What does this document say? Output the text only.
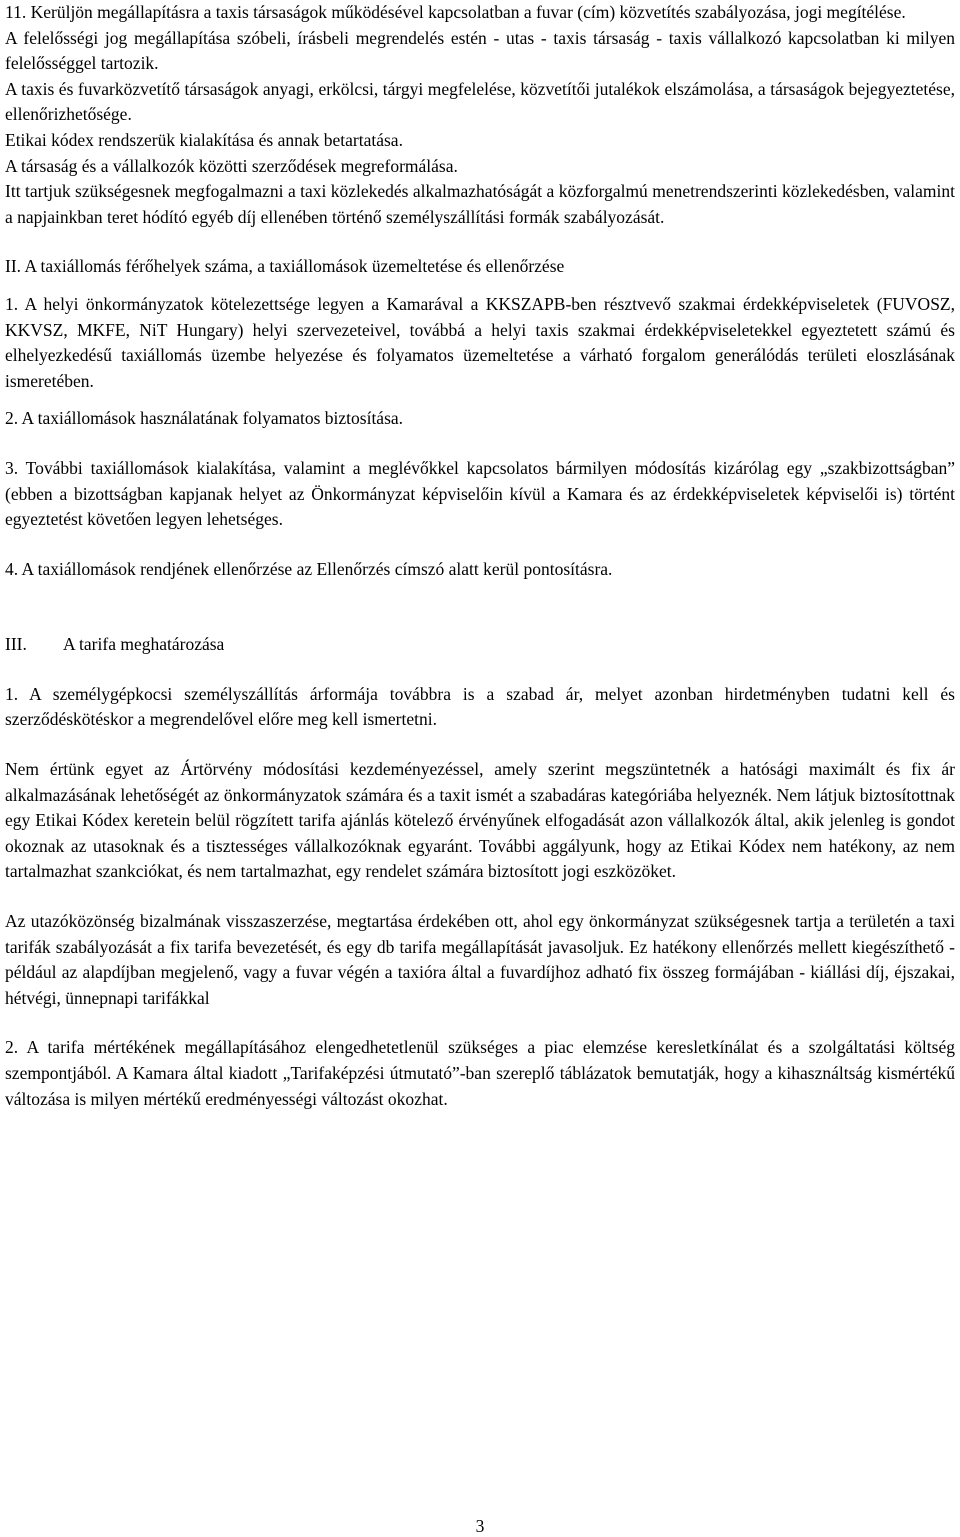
11. Kerüljön megállapításra a taxis társaságok működésével kapcsolatban a fuvar (cím) közvetítés szabályozása, jogi megítélése.

A felelősségi jog megállapítása szóbeli, írásbeli megrendelés estén - utas - taxis társaság - taxis vállalkozó kapcsolatban ki milyen felelősséggel tartozik.

A taxis és fuvarközvetítő társaságok anyagi, erkölcsi, tárgyi megfelelése, közvetítői jutalékok elszámolása, a társaságok bejegyeztetése, ellenőrizhetősége.

Etikai kódex rendszerük kialakítása és annak betartatása.

A társaság és a vállalkozók közötti szerződések megreformálása.

Itt tartjuk szükségesnek megfogalmazni a taxi közlekedés alkalmazhatóságát a közforgalmú menetrendszerinti közlekedésben, valamint a napjainkban teret hódító egyéb díj ellenében történő személyszállítási formák szabályozását.

II. A taxiállomás férőhelyek száma, a taxiállomások üzemeltetése és ellenőrzése

1. A helyi önkormányzatok kötelezettsége legyen a Kamarával a KKSZAPB-ben résztvevő szakmai érdekképviseletek (FUVOSZ, KKVSZ, MKFE, NiT Hungary) helyi szervezeteivel, továbbá a helyi taxis szakmai érdekképviseletekkel egyeztetett számú és elhelyezkedésű taxiállomás üzembe helyezése és folyamatos üzemeltetése a várható forgalom generálódás területi eloszlásának ismeretében.

2. A taxiállomások használatának folyamatos biztosítása.

3. További taxiállomások kialakítása, valamint a meglévőkkel kapcsolatos bármilyen módosítás kizárólag egy „szakbizottságban” (ebben a bizottságban kapjanak helyet az Önkormányzat képviselőin kívül a Kamara és az érdekképviseletek képviselői is) történt egyeztetést követően legyen lehetséges.

4. A taxiállomások rendjének ellenőrzése az Ellenőrzés címszó alatt kerül pontosításra.

III. A tarifa meghatározása

1. A személygépkocsi személyszállítás árformája továbbra is a szabad ár, melyet azonban hirdetményben tudatni kell és szerződéskötéskor a megrendelővel előre meg kell ismertetni.

Nem értünk egyet az Ártörvény módosítási kezdeményezéssel, amely szerint megszüntetnék a hatósági maximált és fix ár alkalmazásának lehetőségét az önkormányzatok számára és a taxit ismét a szabadáras kategóriába helyeznék. Nem látjuk biztosítottnak egy Etikai Kódex keretein belül rögzített tarifa ajánlás kötelező érvényűnek elfogadását azon vállalkozók által, akik jelenleg is gondot okoznak az utasoknak és a tisztességes vállalkozóknak egyaránt. További aggályunk, hogy az Etikai Kódex nem hatékony, az nem tartalmazhat szankciókat, és nem tartalmazhat, egy rendelet számára biztosított jogi eszközöket.

Az utazóközönség bizalmának visszaszerzése, megtartása érdekében ott, ahol egy önkormányzat szükségesnek tartja a területén a taxi tarifák szabályozását a fix tarifa bevezetését, és egy db tarifa megállapítását javasoljuk. Ez hatékony ellenőrzés mellett kiegészíthető - például az alapdíjban megjelenő, vagy a fuvar végén a taxióra által a fuvardíjhoz adható fix összeg formájában - kiállási díj, éjszakai, hétvégi, ünnepnapi tarifákkal

2. A tarifa mértékének megállapításához elengedhetetlenül szükséges a piac elemzése keresletkínálat és a szolgáltatási költség szempontjából. A Kamara által kiadott „Tarifaképzési útmutató”-ban szereplő táblázatok bemutatják, hogy a kihasználtság kismértékű változása is milyen mértékű eredményességi változást okozhat.

3
